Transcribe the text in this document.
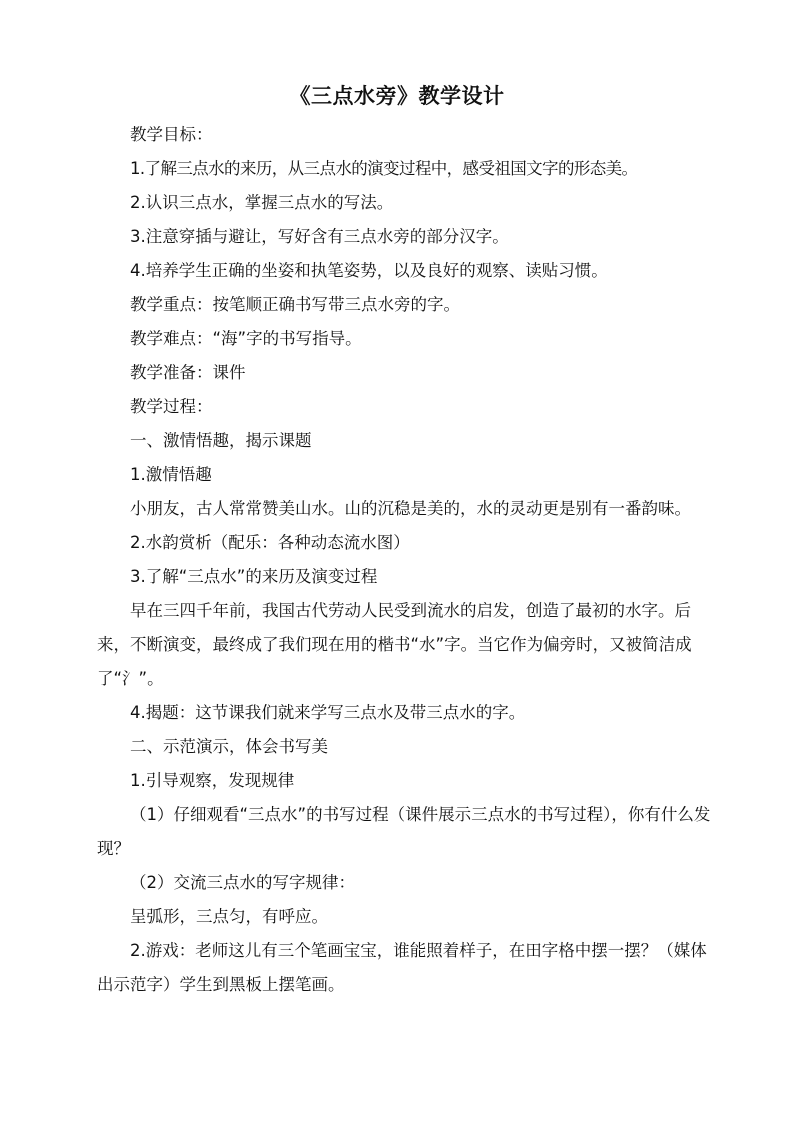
《三点水旁》教学设计

教学目标：

1.了解三点水的来历，从三点水的演变过程中，感受祖国文字的形态美。

2.认识三点水，掌握三点水的写法。

3.注意穿插与避让，写好含有三点水旁的部分汉字。

4.培养学生正确的坐姿和执笔姿势，以及良好的观察、读贴习惯。

教学重点：按笔顺正确书写带三点水旁的字。

教学难点：“海”字的书写指导。

教学准备：课件

教学过程：

一、激情悟趣，揭示课题

1.激情悟趣

小朋友，古人常常赞美山水。山的沉稳是美的，水的灵动更是别有一番韵味。

2.水韵赏析（配乐：各种动态流水图）

3.了解“三点水”的来历及演变过程

早在三四千年前，我国古代劳动人民受到流水的启发，创造了最初的水字。后来，不断演变，最终成了我们现在用的楷书“水”字。当它作为偏旁时，又被简洁成了“氵”。

4.揭题：这节课我们就来学写三点水及带三点水的字。

二、示范演示，体会书写美

1.引导观察，发现规律

（1）仔细观看“三点水”的书写过程（课件展示三点水的书写过程），你有什么发现？

（2）交流三点水的写字规律：

呈弧形，三点匀，有呼应。

2.游戏：老师这儿有三个笔画宝宝，谁能照着样子，在田字格中摆一摆？（媒体出示范字）学生到黑板上摆笔画。
